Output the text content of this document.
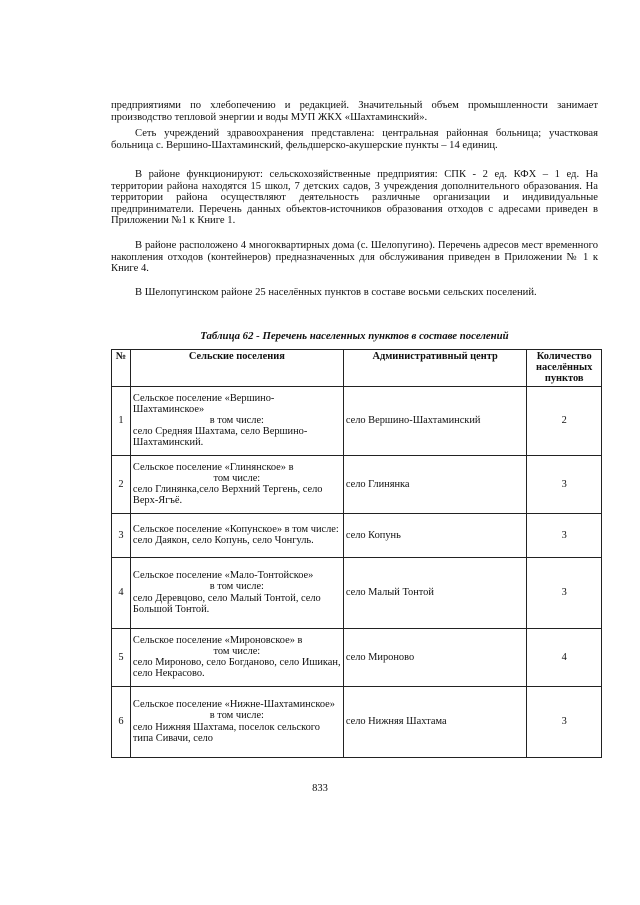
предприятиями по хлебопечению и редакцией. Значительный объем промышленности занимает производство тепловой энергии и воды МУП ЖКХ «Шахтаминский».

Сеть учреждений здравоохранения представлена: центральная районная больница; участковая больница с. Вершино-Шахтаминский, фельдшерско-акушерские пункты – 14 единиц.

В районе функционируют: сельскохозяйственные предприятия: СПК - 2 ед. КФХ – 1 ед. На территории района находятся 15 школ, 7 детских садов, 3 учреждения дополнительного образования. На территории района осуществляют деятельность различные организации и индивидуальные предприниматели. Перечень данных объектов-источников образования отходов с адресами приведен в Приложении №1 к Книге 1.

В районе расположено 4 многоквартирных дома (с. Шелопугино). Перечень адресов мест временного накопления отходов (контейнеров) предназначенных для обслуживания приведен в Приложении № 1 к Книге 4.

В Шелопугинском районе 25 населённых пунктов в составе восьми сельских поселений.

Таблица 62 - Перечень населенных пунктов в составе поселений

№	Сельские поселения	Административный центр	Количество населённых пунктов
1	Сельское поселение «Вершино-Шахтаминское»
в том числе:
село Средняя Шахтама, село Вершино-Шахтаминский.	село Вершино-Шахтаминский	2
2	Сельское поселение «Глинянское» в
том числе:
село Глинянка,село Верхний Тергень, село Верх-Ягъё.	село Глинянка	3
3	Сельское поселение «Копунское» в том числе: село Даякон, село Копунь, село Чонгуль.	село Копунь	3
4	Сельское поселение «Мало-Тонтойское»
в том числе:
село Деревцово, село Малый Тонтой, село Большой Тонтой.	село Малый Тонтой	3
5	Сельское поселение «Мироновское» в
том числе:
село Мироново, село Богданово, село Ишикан, село Некрасово.	село Мироново	4
6	Сельское поселение «Нижне-Шахтаминское»
в том числе:
село Нижняя Шахтама, поселок сельского типа Сивачи, село	село Нижняя Шахтама	3

833
